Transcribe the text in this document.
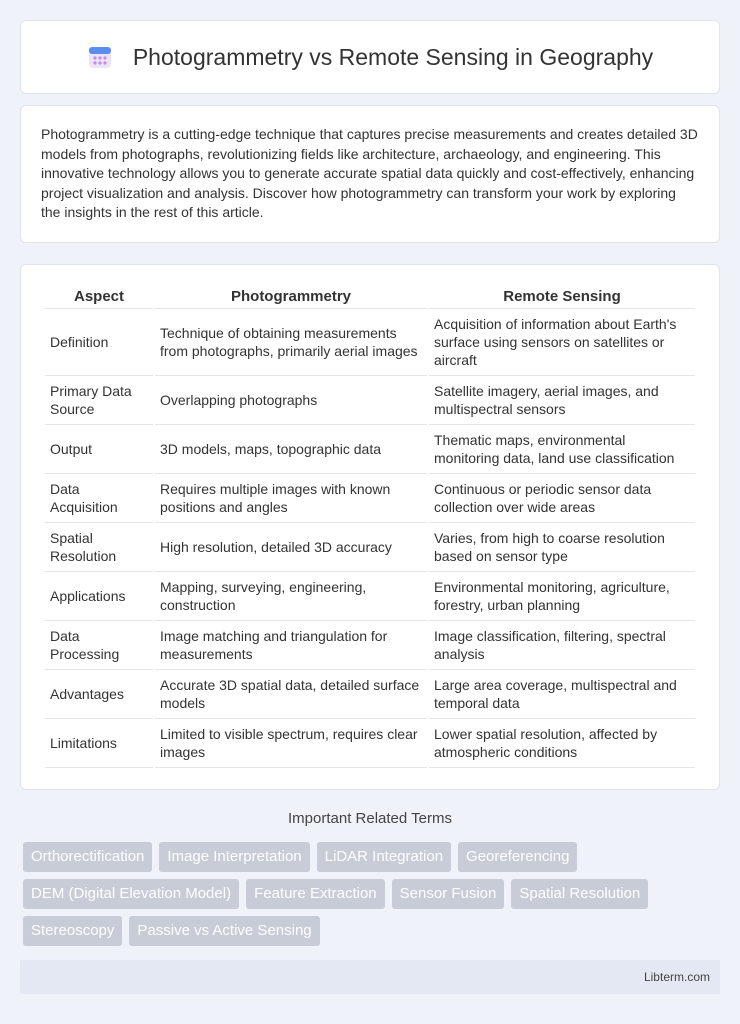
Photogrammetry vs Remote Sensing in Geography

Photogrammetry is a cutting-edge technique that captures precise measurements and creates detailed 3D models from photographs, revolutionizing fields like architecture, archaeology, and engineering. This innovative technology allows you to generate accurate spatial data quickly and cost-effectively, enhancing project visualization and analysis. Discover how photogrammetry can transform your work by exploring the insights in the rest of this article.

Aspect	Photogrammetry	Remote Sensing
Definition	Technique of obtaining measurements from photographs, primarily aerial images	Acquisition of information about Earth's surface using sensors on satellites or aircraft
Primary Data Source	Overlapping photographs	Satellite imagery, aerial images, and multispectral sensors
Output	3D models, maps, topographic data	Thematic maps, environmental monitoring data, land use classification
Data Acquisition	Requires multiple images with known positions and angles	Continuous or periodic sensor data collection over wide areas
Spatial Resolution	High resolution, detailed 3D accuracy	Varies, from high to coarse resolution based on sensor type
Applications	Mapping, surveying, engineering, construction	Environmental monitoring, agriculture, forestry, urban planning
Data Processing	Image matching and triangulation for measurements	Image classification, filtering, spectral analysis
Advantages	Accurate 3D spatial data, detailed surface models	Large area coverage, multispectral and temporal data
Limitations	Limited to visible spectrum, requires clear images	Lower spatial resolution, affected by atmospheric conditions
Important Related Terms
Orthorectification	Image Interpretation	LiDAR Integration	Georeferencing
DEM (Digital Elevation Model)	Feature Extraction	Sensor Fusion	Spatial Resolution
Stereoscopy	Passive vs Active Sensing
Libterm.com
